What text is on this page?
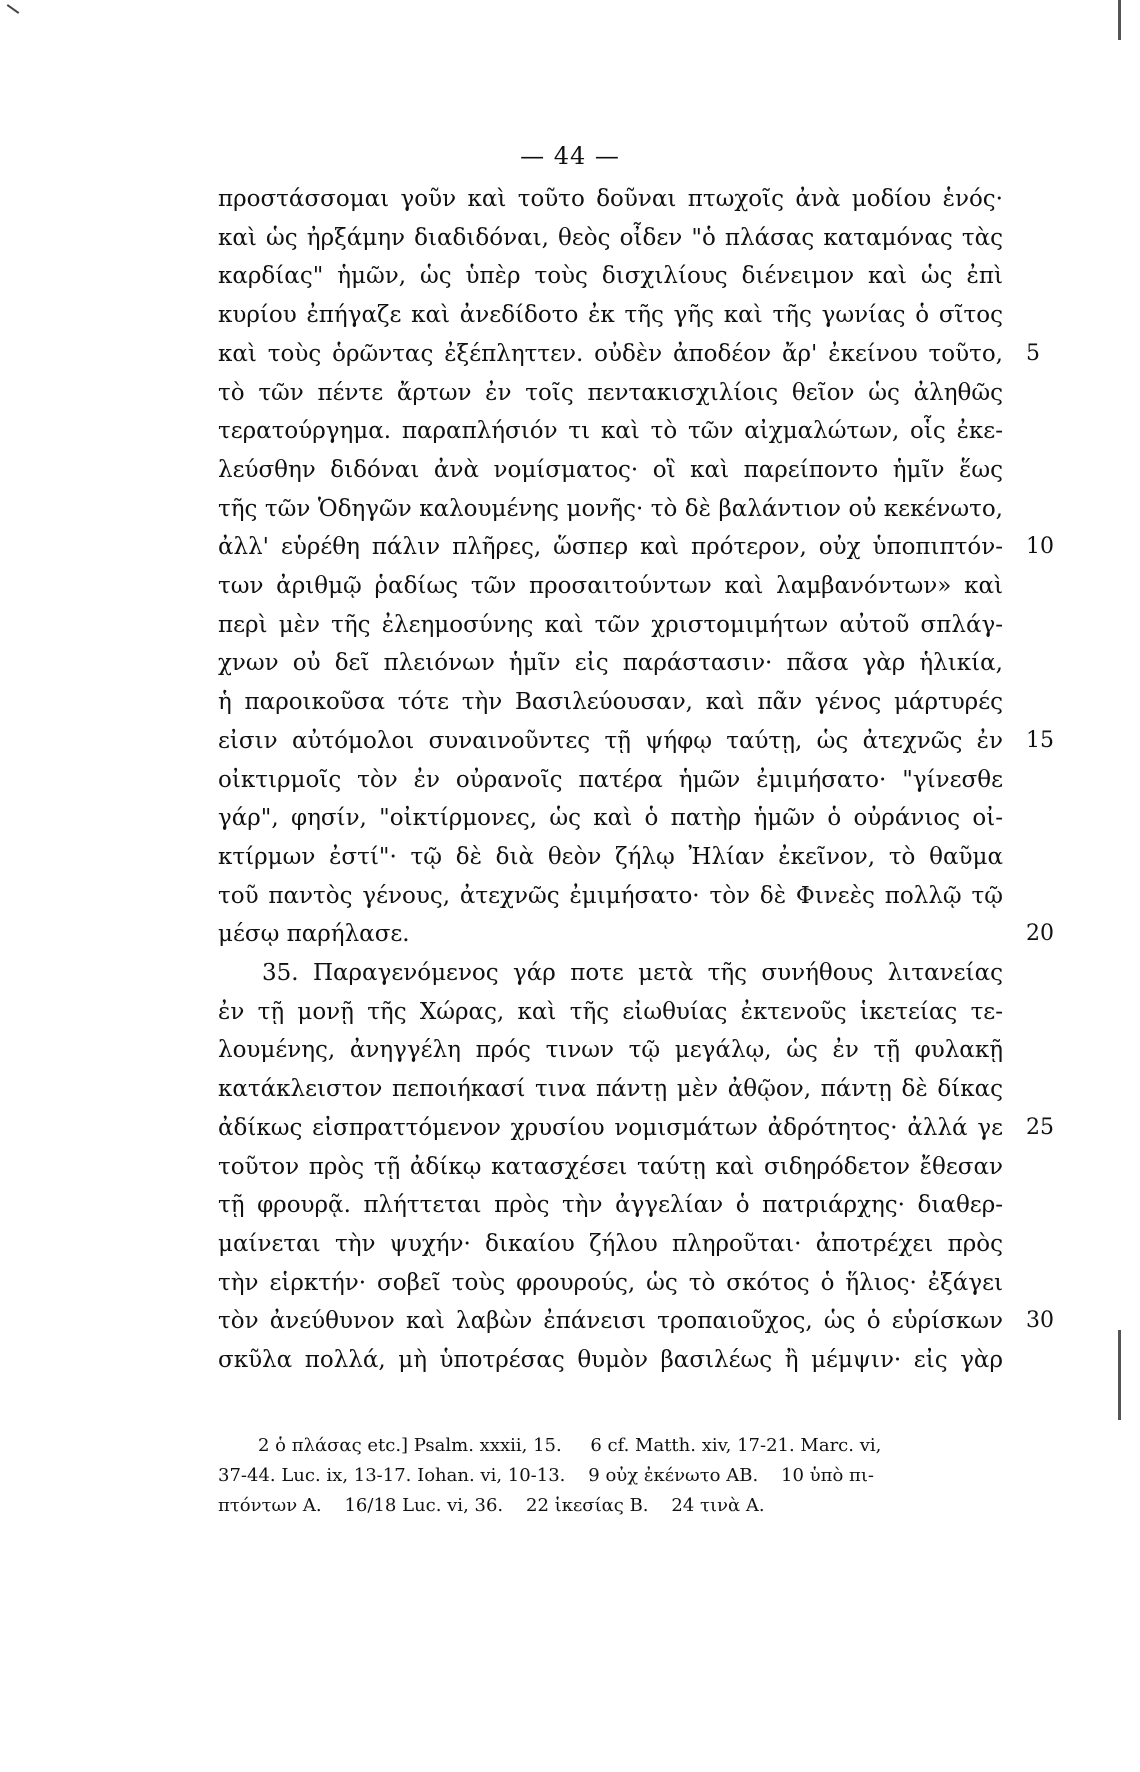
— 44 —
προστάσσομαι γοῦν καὶ τοῦτο δοῦναι πτωχοῖς ἀνὰ μοδίου ἑνός·
καὶ ὡς ἠρξάμην διαδιδόναι, θεὸς οἶδεν "ὁ πλάσας καταμόνας τὰς
καρδίας" ἡμῶν, ὡς ὑπὲρ τοὺς δισχιλίους διένειμον καὶ ὡς ἐπὶ
κυρίου ἐπήγαζε καὶ ἀνεδίδοτο ἐκ τῆς γῆς καὶ τῆς γωνίας ὁ σῖτος
καὶ τοὺς ὁρῶντας ἐξέπληττεν. οὐδὲν ἀποδέον ἄρ' ἐκείνου τοῦτο, 5
τὸ τῶν πέντε ἄρτων ἐν τοῖς πεντακισχιλίοις θεῖον ὡς ἀληθῶς
τερατούργημα. παραπλήσιόν τι καὶ τὸ τῶν αἰχμαλώτων, οἷς ἐκε-
λεύσθην διδόναι ἀνὰ νομίσματος· οἳ καὶ παρείποντο ἡμῖν ἕως
τῆς τῶν Ὁδηγῶν καλουμένης μονῆς· τὸ δὲ βαλάντιον οὐ κεκένωτο,
ἀλλ' εὑρέθη πάλιν πλῆρες, ὥσπερ καὶ πρότερον, οὐχ ὑποπιπτόν- 10
των ἀριθμῷ ῥαδίως τῶν προσαιτούντων καὶ λαμβανόντων» καὶ
περὶ μὲν τῆς ἐλεημοσύνης καὶ τῶν χριστομιμήτων αὐτοῦ σπλάγ-
χνων οὐ δεῖ πλειόνων ἡμῖν εἰς παράστασιν· πᾶσα γὰρ ἡλικία,
ἡ παροικοῦσα τότε τὴν Βασιλεύουσαν, καὶ πᾶν γένος μάρτυρές
εἰσιν αὐτόμολοι συναινοῦντες τῇ ψήφῳ ταύτῃ, ὡς ἀτεχνῶς ἐν 15
οἰκτιρμοῖς τὸν ἐν οὐρανοῖς πατέρα ἡμῶν ἐμιμήσατο· "γίνεσθε
γάρ", φησίν, "οἰκτίρμονες, ὡς καὶ ὁ πατὴρ ἡμῶν ὁ οὐράνιος οἰ-
κτίρμων ἐστί"· τῷ δὲ διὰ θεὸν ζήλῳ Ἠλίαν ἐκεῖνον, τὸ θαῦμα
τοῦ παντὸς γένους, ἀτεχνῶς ἐμιμήσατο· τὸν δὲ Φινεὲς πολλῷ τῷ
μέσῳ παρήλασε.	20
35. Παραγενόμενος γάρ ποτε μετὰ τῆς συνήθους λιτανείας
ἐν τῇ μονῇ τῆς Χώρας, καὶ τῆς εἰωθυίας ἐκτενοῦς ἱκετείας τε-
λουμένης, ἀνηγγέλη πρός τινων τῷ μεγάλῳ, ὡς ἐν τῇ φυλακῇ
κατάκλειστον πεποιήκασί τινα πάντῃ μὲν ἀθῷον, πάντῃ δὲ δίκας
ἀδίκως εἰσπραττόμενον χρυσίου νομισμάτων ἀδρότητος· ἀλλά γε 25
τοῦτον πρὸς τῇ ἀδίκῳ κατασχέσει ταύτῃ καὶ σιδηρόδετον ἔθεσαν
τῇ φρουρᾷ. πλήττεται πρὸς τὴν ἀγγελίαν ὁ πατριάρχης· διαθερ-
μαίνεται τὴν ψυχήν· δικαίου ζήλου πληροῦται· ἀποτρέχει πρὸς
τὴν εἱρκτήν· σοβεῖ τοὺς φρουρούς, ὡς τὸ σκότος ὁ ἥλιος· ἐξάγει
τὸν ἀνεύθυνον καὶ λαβὼν ἐπάνεισι τροπαιοῦχος, ὡς ὁ εὑρίσκων 30
σκῦλα πολλά, μὴ ὑποτρέσας θυμὸν βασιλέως ἢ μέμψιν· εἰς γὰρ
2 ὁ πλάσας etc.] Psalm. xxxii, 15.     6 cf. Matth. xiv, 17-21. Marc. vi,
37-44. Luc. ix, 13-17. Iohan. vi, 10-13.    9 οὐχ ἐκένωτο AB.    10 ὑπὸ πι-
πτόντων A.    16/18 Luc. vi, 36.    22 ἱκεσίας B.    24 τινὰ A.
